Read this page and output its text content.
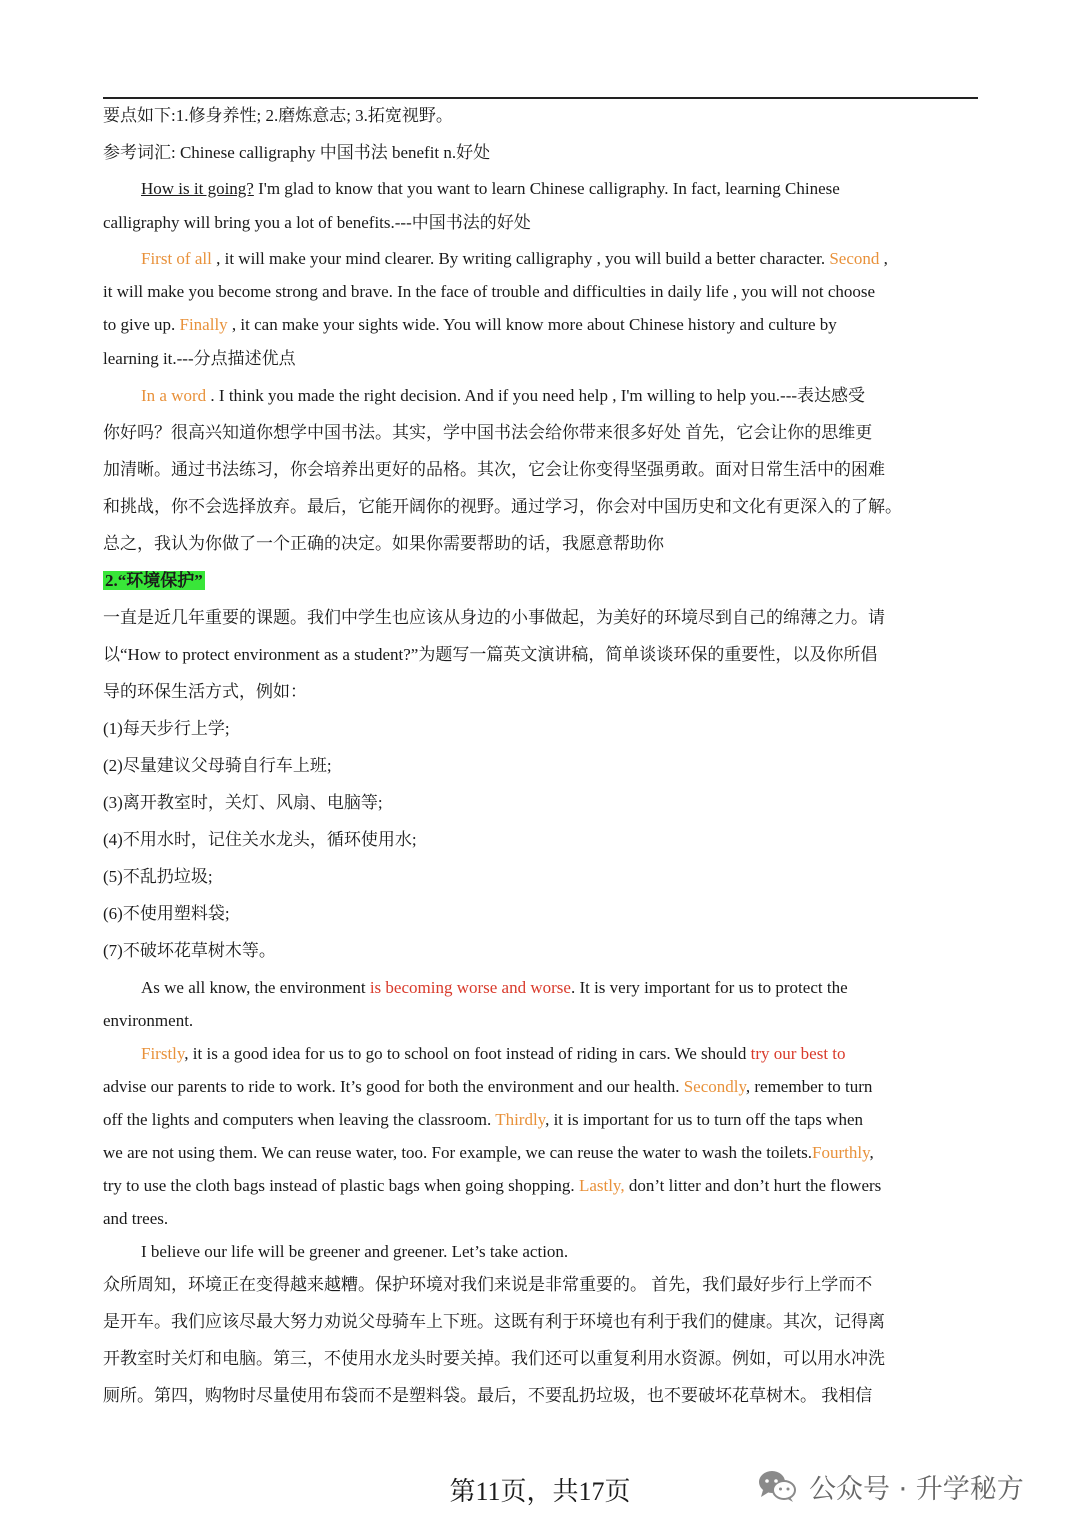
要点如下:1.修身养性; 2.磨炼意志; 3.拓宽视野。
参考词汇: Chinese calligraphy 中国书法 benefit n.好处
How is it going? I'm glad to know that you want to learn Chinese calligraphy. In fact, learning Chinese
calligraphy will bring you a lot of benefits.---中国书法的好处
First of all , it will make your mind clearer. By writing calligraphy , you will build a better character. Second ,
it will make you become strong and brave. In the face of trouble and difficulties in daily life , you will not choose
to give up. Finally , it can make your sights wide. You will know more about Chinese history and culture by
learning it.---分点描述优点
In a word . I think you made the right decision. And if you need help , I'm willing to help you.---表达感受
你好吗？很高兴知道你想学中国书法。其实，学中国书法会给你带来很多好处 首先，它会让你的思维更
加清晰。通过书法练习，你会培养出更好的品格。其次，它会让你变得坚强勇敢。面对日常生活中的困难
和挑战，你不会选择放弃。最后，它能开阔你的视野。通过学习，你会对中国历史和文化有更深入的了解。
总之，我认为你做了一个正确的决定。如果你需要帮助的话，我愿意帮助你
2.“环境保护”
一直是近几年重要的课题。我们中学生也应该从身边的小事做起，为美好的环境尽到自己的绵薄之力。请
以“How to protect environment as a student?”为题写一篇英文演讲稿，简单谈谈环保的重要性，以及你所倡
导的环保生活方式，例如：
(1)每天步行上学;
(2)尽量建议父母骑自行车上班;
(3)离开教室时，关灯、风扇、电脑等;
(4)不用水时，记住关水龙头，循环使用水;
(5)不乱扔垃圾;
(6)不使用塑料袋;
(7)不破坏花草树木等。
As we all know, the environment is becoming worse and worse. It is very important for us to protect the
environment.
Firstly, it is a good idea for us to go to school on foot instead of riding in cars. We should try our best to
advise our parents to ride to work. It’s good for both the environment and our health. Secondly, remember to turn
off the lights and computers when leaving the classroom. Thirdly, it is important for us to turn off the taps when
we are not using them. We can reuse water, too. For example, we can reuse the water to wash the toilets.Fourthly,
try to use the cloth bags instead of plastic bags when going shopping. Lastly, don’t litter and don’t hurt the flowers
and trees.
I believe our life will be greener and greener. Let’s take action.
众所周知，环境正在变得越来越糟。保护环境对我们来说是非常重要的。 首先，我们最好步行上学而不
是开车。我们应该尽最大努力劝说父母骑车上下班。这既有利于环境也有利于我们的健康。其次，记得离
开教室时关灯和电脑。第三，不使用水龙头时要关掉。我们还可以重复利用水资源。例如，可以用水冲洗
厕所。第四，购物时尽量使用布袋而不是塑料袋。最后，不要乱扔垃圾，也不要破坏花草树木。 我相信
第11页，共17页	公众号 · 升学秘方
